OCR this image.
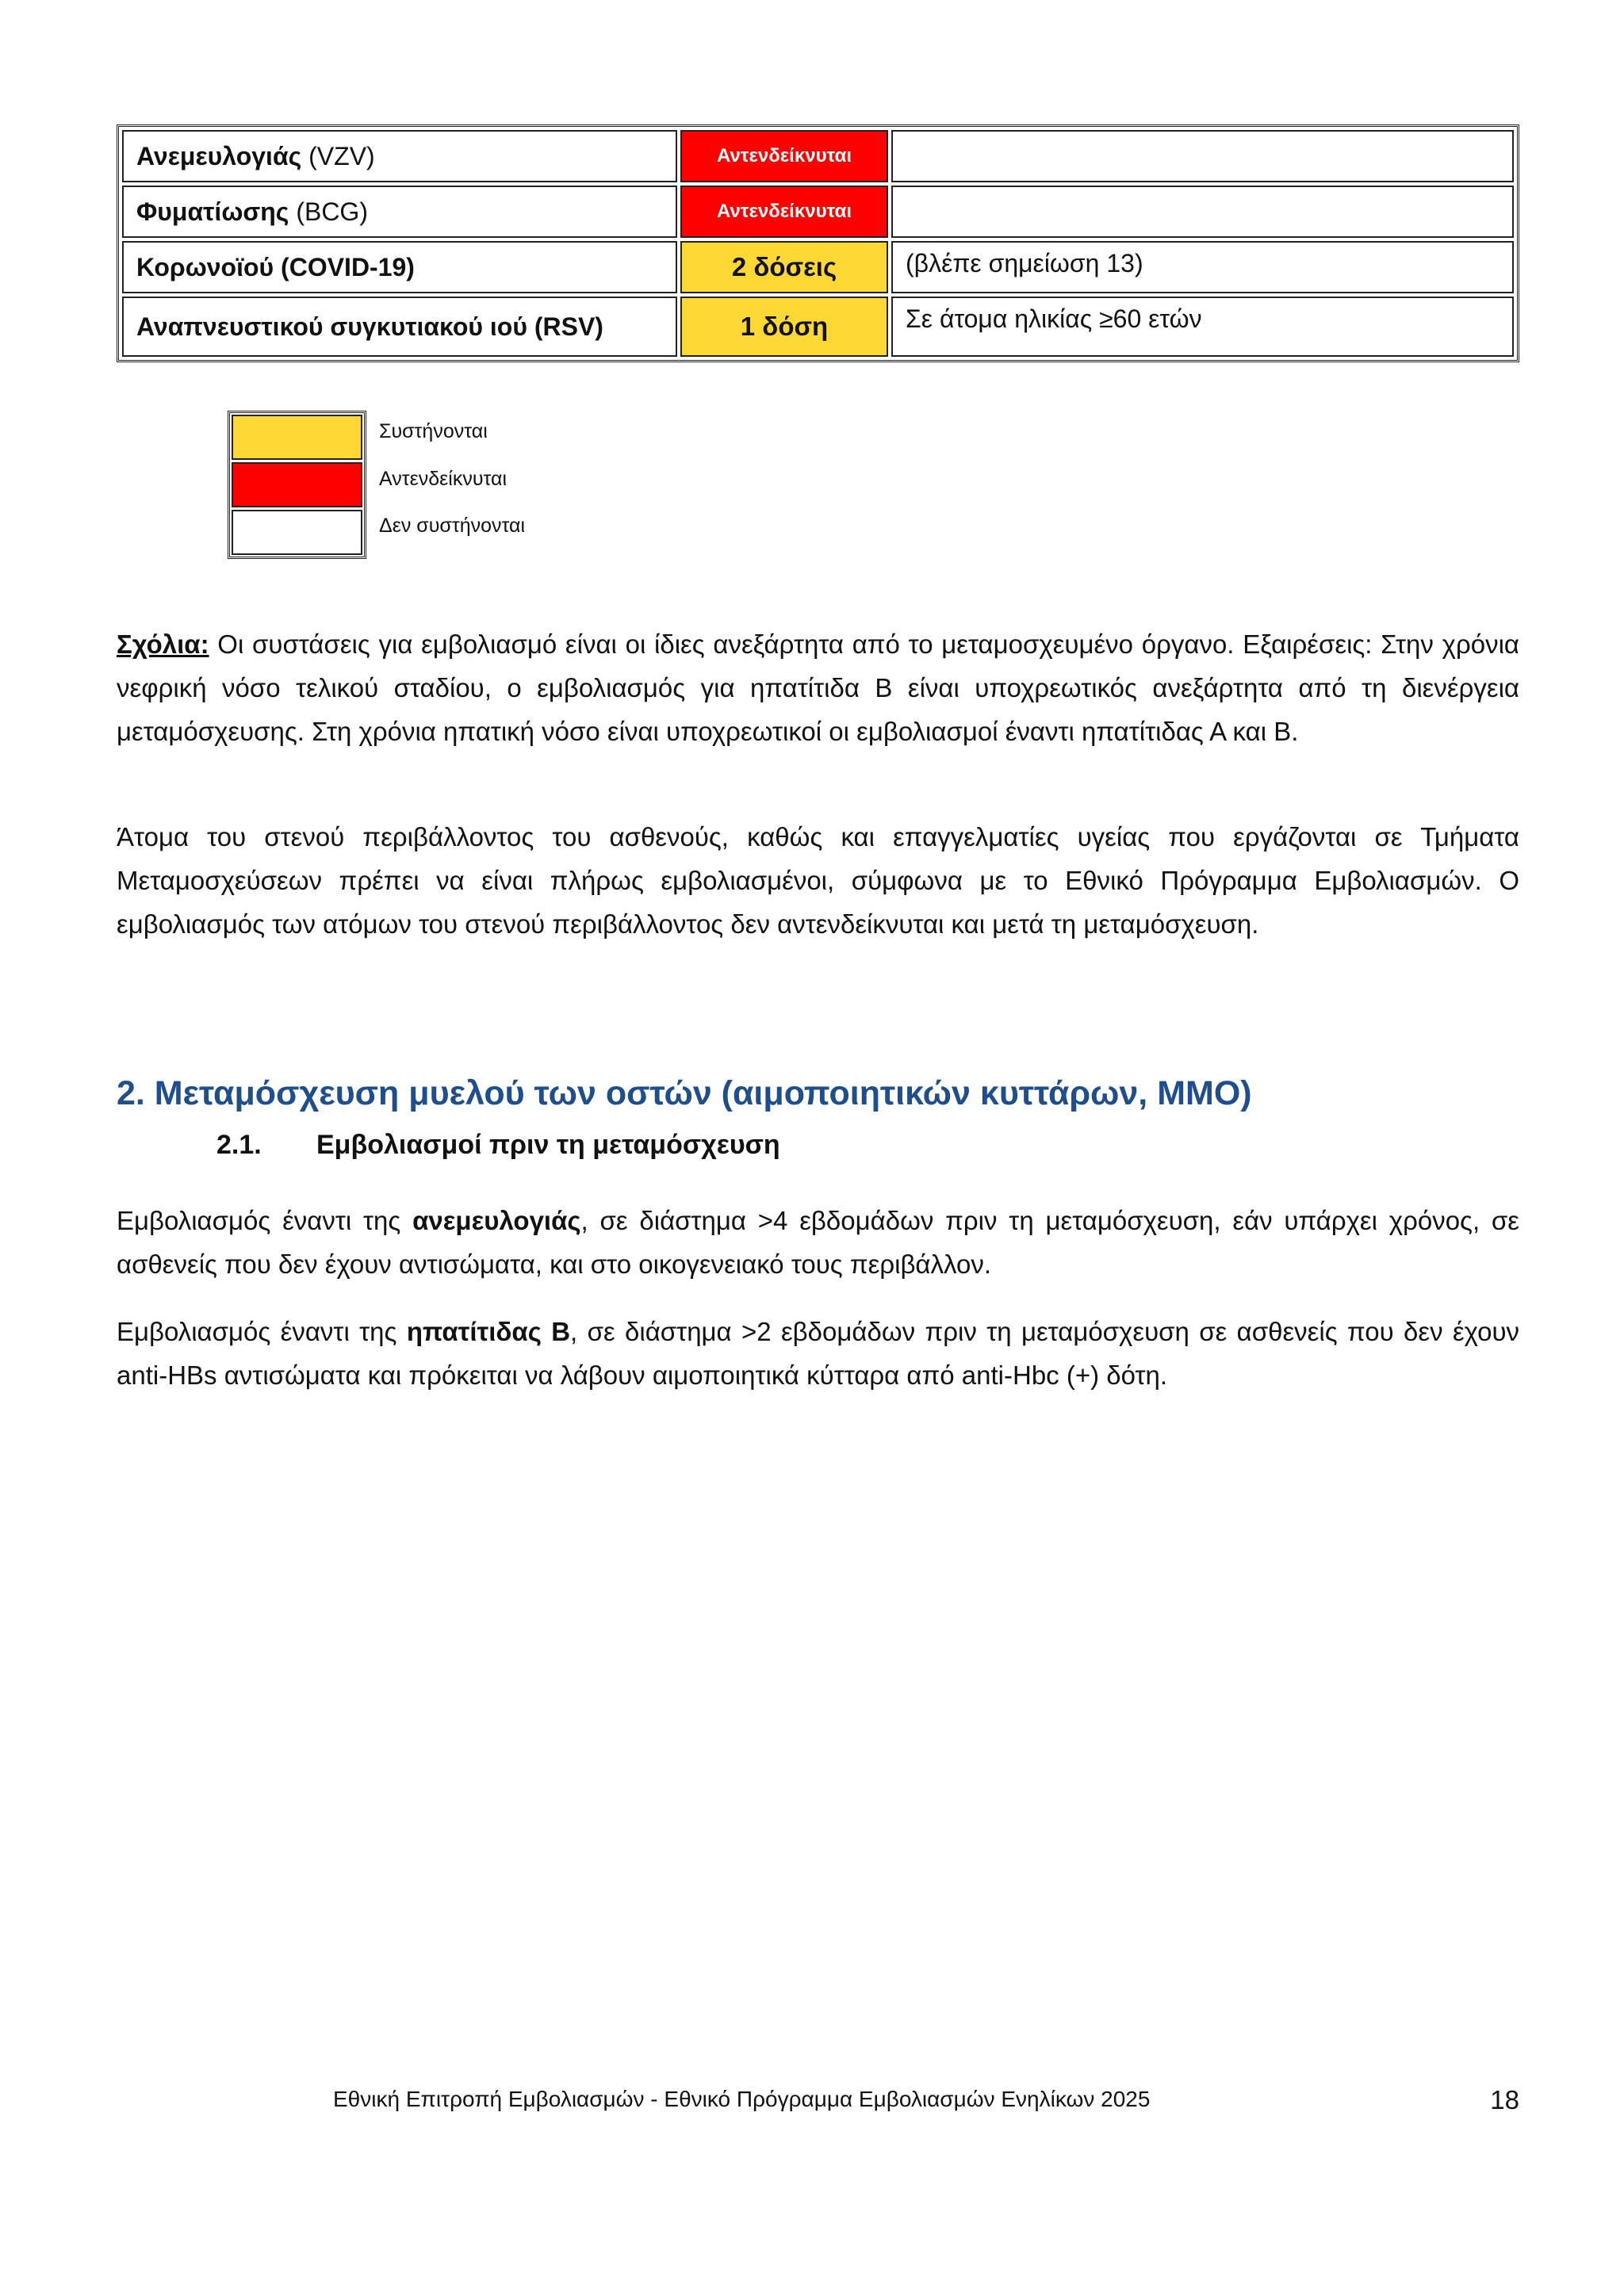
Ανεμευλογιάς (VZV)	Αντενδείκνυται	
Φυματίωσης (BCG)	Αντενδείκνυται	
Κορωνοϊού (COVID-19)	2 δόσεις	(βλέπε σημείωση 13)
Αναπνευστικού συγκυτιακού ιού (RSV)	1 δόση	Σε άτομα ηλικίας ≥60 ετών
Συστήνονται
Αντενδείκνυται
Δεν συστήνονται
Σχόλια: Οι συστάσεις για εμβολιασμό είναι οι ίδιες ανεξάρτητα από το μεταμοσχευμένο όργανο. Εξαιρέσεις: Στην χρόνια νεφρική νόσο τελικού σταδίου, ο εμβολιασμός για ηπατίτιδα Β είναι υποχρεωτικός ανεξάρτητα από τη διενέργεια μεταμόσχευσης. Στη χρόνια ηπατική νόσο είναι υποχρεωτικοί οι εμβολιασμοί έναντι ηπατίτιδας Α και Β.
Άτομα του στενού περιβάλλοντος του ασθενούς, καθώς και επαγγελματίες υγείας που εργάζονται σε Τμήματα Μεταμοσχεύσεων πρέπει να είναι πλήρως εμβολιασμένοι, σύμφωνα με το Εθνικό Πρόγραμμα Εμβολιασμών. Ο εμβολιασμός των ατόμων του στενού περιβάλλοντος δεν αντενδείκνυται και μετά τη μεταμόσχευση.
2. Μεταμόσχευση μυελού των οστών (αιμοποιητικών κυττάρων, ΜΜΟ)
2.1. Εμβολιασμοί πριν τη μεταμόσχευση
Εμβολιασμός έναντι της ανεμευλογιάς, σε διάστημα >4 εβδομάδων πριν τη μεταμόσχευση, εάν υπάρχει χρόνος, σε ασθενείς που δεν έχουν αντισώματα, και στο οικογενειακό τους περιβάλλον.
Εμβολιασμός έναντι της ηπατίτιδας Β, σε διάστημα >2 εβδομάδων πριν τη μεταμόσχευση σε ασθενείς που δεν έχουν anti-HBs αντισώματα και πρόκειται να λάβουν αιμοποιητικά κύτταρα από anti-Hbc (+) δότη.
Εθνική Επιτροπή Εμβολιασμών - Εθνικό Πρόγραμμα Εμβολιασμών Ενηλίκων 2025	18
